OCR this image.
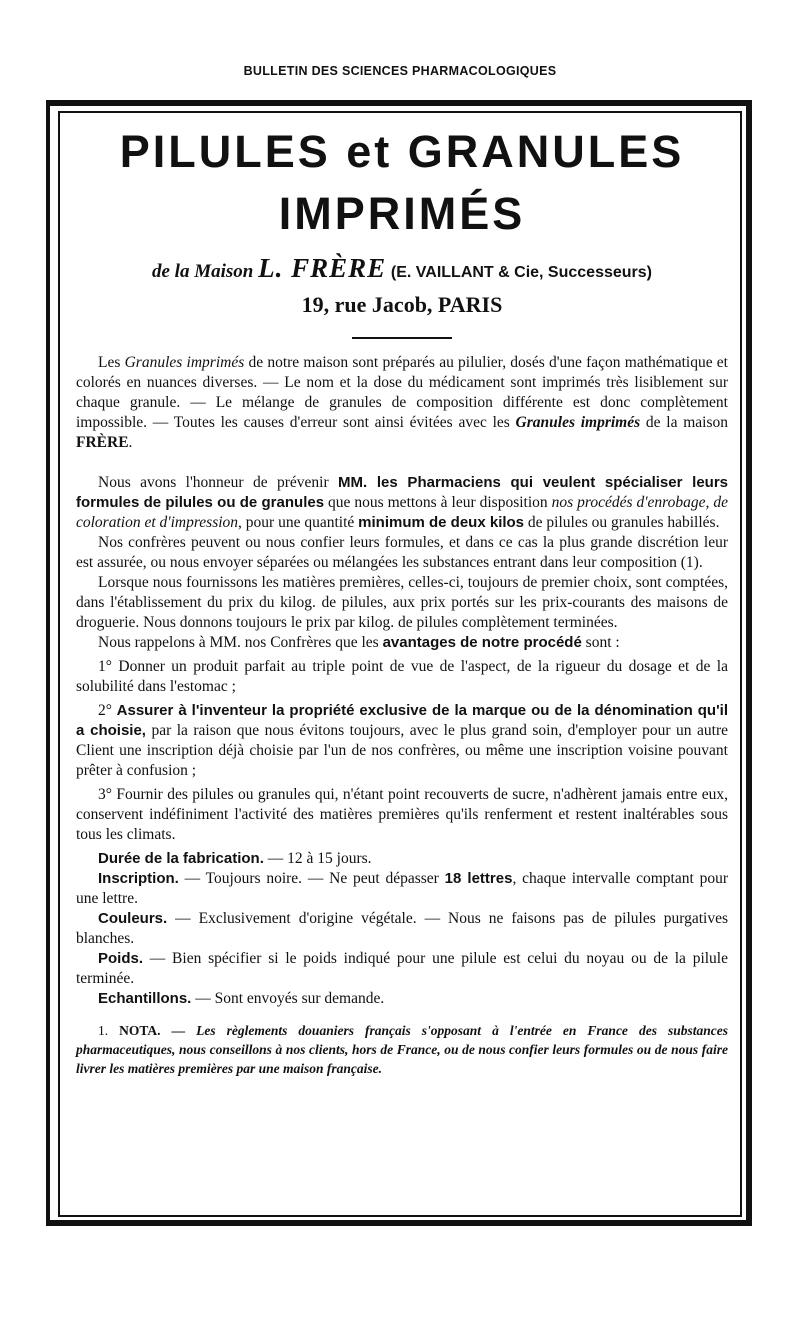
BULLETIN DES SCIENCES PHARMACOLOGIQUES
PILULES et GRANULES
IMPRIMÉS
de la Maison L. FRÈRE (E. VAILLANT & Cie, Successeurs)
19, rue Jacob, PARIS

Les Granules imprimés de notre maison sont préparés au pilulier, dosés d'une façon mathématique et colorés en nuances diverses. — Le nom et la dose du médicament sont imprimés très lisiblement sur chaque granule. — Le mélange de granules de composition différente est donc complètement impossible. — Toutes les causes d'erreur sont ainsi évitées avec les Granules imprimés de la maison FRÈRE.

Nous avons l'honneur de prévenir MM. les Pharmaciens qui veulent spécialiser leurs formules de pilules ou de granules que nous mettons à leur disposition nos procédés d'enrobage, de coloration et d'impression, pour une quantité minimum de deux kilos de pilules ou granules habillés.

Nos confrères peuvent ou nous confier leurs formules, et dans ce cas la plus grande discrétion leur est assurée, ou nous envoyer séparées ou mélangées les substances entrant dans leur composition (1).

Lorsque nous fournissons les matières premières, celles-ci, toujours de premier choix, sont comptées, dans l'établissement du prix du kilog. de pilules, aux prix portés sur les prix-courants des maisons de droguerie. Nous donnons toujours le prix par kilog. de pilules complètement terminées.

Nous rappelons à MM. nos Confrères que les avantages de notre procédé sont :

1° Donner un produit parfait au triple point de vue de l'aspect, de la rigueur du dosage et de la solubilité dans l'estomac ;

2° Assurer à l'inventeur la propriété exclusive de la marque ou de la dénomination qu'il a choisie, par la raison que nous évitons toujours, avec le plus grand soin, d'employer pour un autre Client une inscription déjà choisie par l'un de nos confrères, ou même une inscription voisine pouvant prêter à confusion ;

3° Fournir des pilules ou granules qui, n'étant point recouverts de sucre, n'adhèrent jamais entre eux, conservent indéfiniment l'activité des matières premières qu'ils renferment et restent inaltérables sous tous les climats.

Durée de la fabrication. — 12 à 15 jours.

Inscription. — Toujours noire. — Ne peut dépasser 18 lettres, chaque intervalle comptant pour une lettre.

Couleurs. — Exclusivement d'origine végétale. — Nous ne faisons pas de pilules purgatives blanches.

Poids. — Bien spécifier si le poids indiqué pour une pilule est celui du noyau ou de la pilule terminée.

Echantillons. — Sont envoyés sur demande.

1. NOTA. — Les règlements douaniers français s'opposant à l'entrée en France des substances pharmaceutiques, nous conseillons à nos clients, hors de France, ou de nous confier leurs formules ou de nous faire livrer les matières premières par une maison française.
